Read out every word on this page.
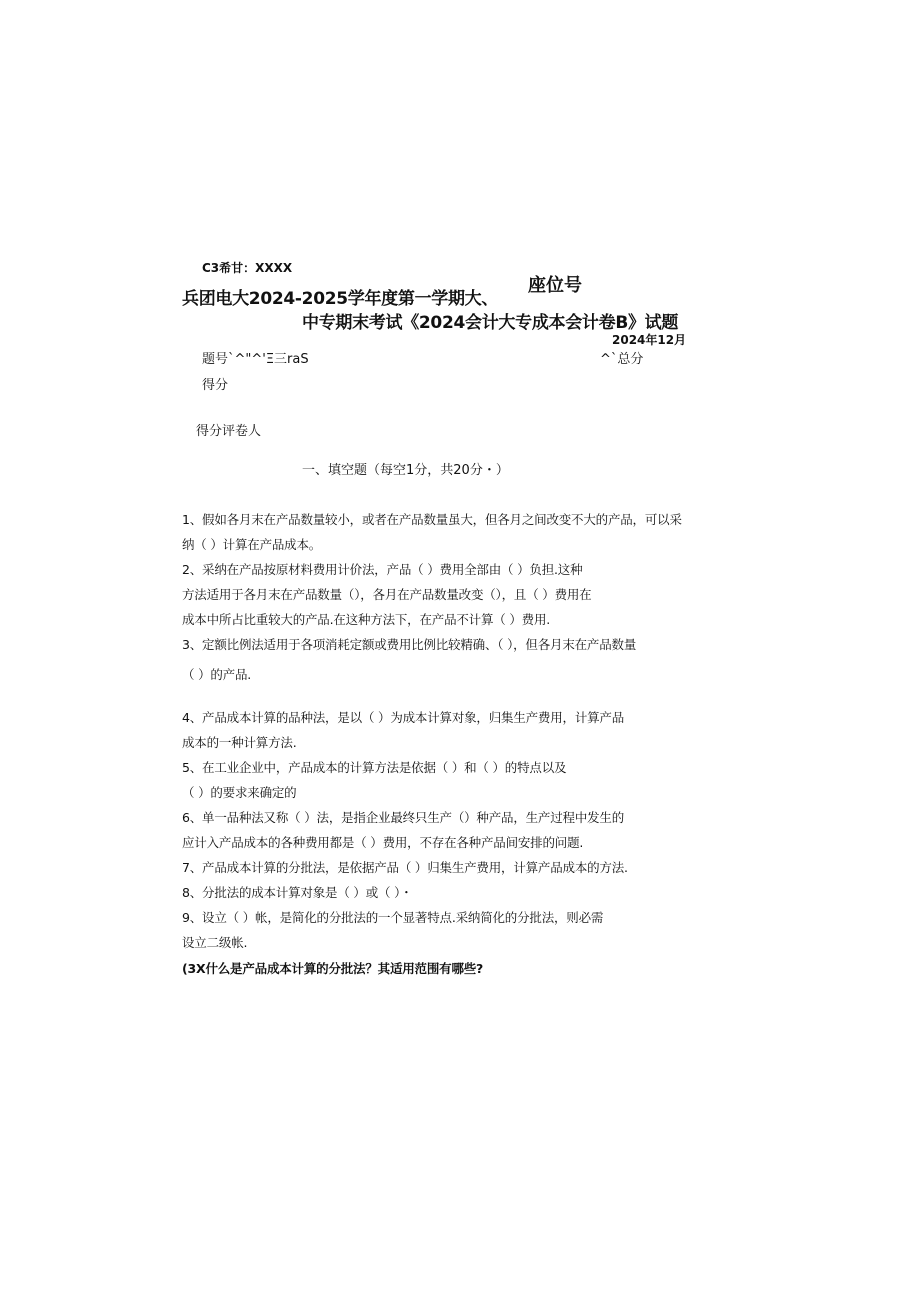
C3希甘：XXXX
兵团电大2024-2025学年度第一学期大、
座位号
中专期末考试《2024会计大专成本会计卷B》试题
2024年12月
题号`^"^'Ξ三raS	^`总分
得分
得分评卷人
一、填空题（每空1分，共20分・）
1、假如各月末在产品数量较小，或者在产品数量虽大，但各月之间改变不大的产品，可以采
纳（ ）计算在产品成本。
2、采纳在产品按原材料费用计价法，产品（ ）费用全部由（ ）负担.这种
方法适用于各月末在产品数量（），各月在产品数量改变（），且（ ）费用在
成本中所占比重较大的产品.在这种方法下，在产品不计算（ ）费用.
3、定额比例法适用于各项消耗定额或费用比例比较精确、（ ），但各月末在产品数量
（ ）的产品.
4、产品成本计算的品种法，是以（ ）为成本计算对象，归集生产费用，计算产品
成本的一种计算方法.
5、在工业企业中，产品成本的计算方法是依据（ ）和（ ）的特点以及
（ ）的要求来确定的
6、单一品种法又称（ ）法，是指企业最终只生产（）种产品，生产过程中发生的
应计入产品成本的各种费用都是（ ）费用，不存在各种产品间安排的问题.
7、产品成本计算的分批法，是依据产品（ ）归集生产费用，计算产品成本的方法.
8、分批法的成本计算对象是（ ）或（ ）・
9、设立（ ）帐，是简化的分批法的一个显著特点.采纳简化的分批法，则必需
设立二级帐.
(3X什么是产品成本计算的分批法？其适用范围有哪些?
